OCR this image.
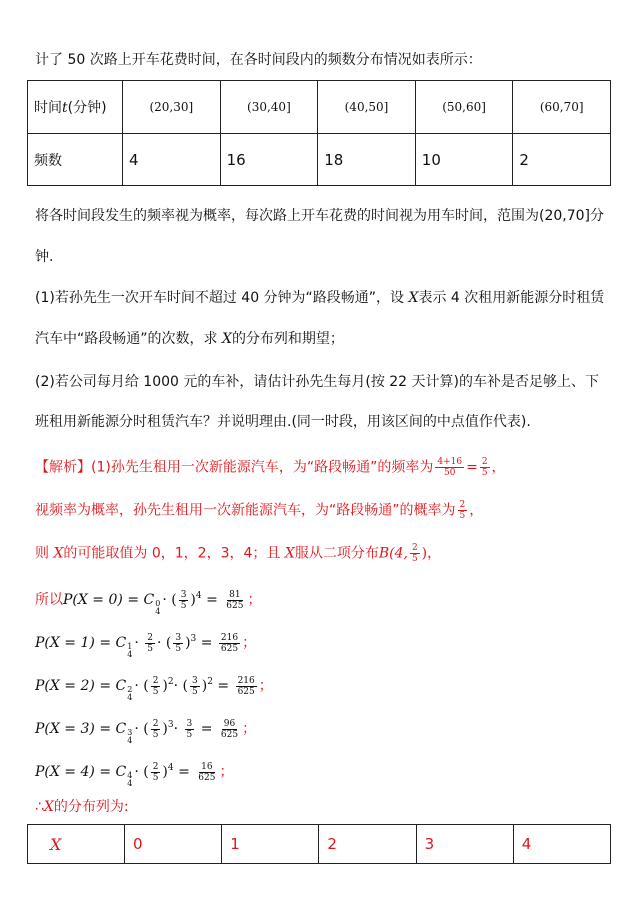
计了 50 次路上开车花费时间，在各时间段内的频数分布情况如表所示：
时间t(分钟)	(20,30]	(30,40]	(40,50]	(50,60]	(60,70]
频数	4	16	18	10	2
将各时间段发生的频率视为概率，每次路上开车花费的时间视为用车时间，范围为(20,70]分
钟.
(1)若孙先生一次开车时间不超过 40 分钟为“路段畅通”，设 X表示 4 次租用新能源分时租赁
汽车中“路段畅通”的次数，求 X的分布列和期望；
(2)若公司每月给 1000 元的车补，请估计孙先生每月(按 22 天计算)的车补是否足够上、下
班租用新能源分时租赁汽车？并说明理由.(同一时段，用该区间的中点值作代表).
【解析】(1)孙先生租用一次新能源汽车，为“路段畅通”的频率为 $\frac{4+16}{50} = \frac{2}{5}$ ，
视频率为概率，孙先生租用一次新能源汽车，为“路段畅通”的概率为 $\frac{2}{5}$ ，
则 X的可能取值为 0，1，2，3，4；且 X服从二项分布B(4, $\frac{2}{5}$ )，
所以P(X = 0) = C 0
4
· ( $\frac{3}{5} )^4 = \frac{81}{625}$ ；
P(X = 1) = C 1
4
· $\frac{2}{5}$ · ( $\frac{3}{5} )^3 = \frac{216}{625}$ ；
P(X = 2) = C 2
4
· ( $\frac{2}{5} )^2\cdot$ ( $\frac{3}{5} )^2 = \frac{216}{625}$ ；
P(X = 3) = C 3
4
· ( $\frac{2}{5} )^3\cdot \frac{3}{5} = \frac{96}{625}$ ；
P(X = 4) = C 4
4
· ( $\frac{2}{5} )^4 = \frac{16}{625}$ ；
∴X的分布列为:
X	0	1	2	3	4
